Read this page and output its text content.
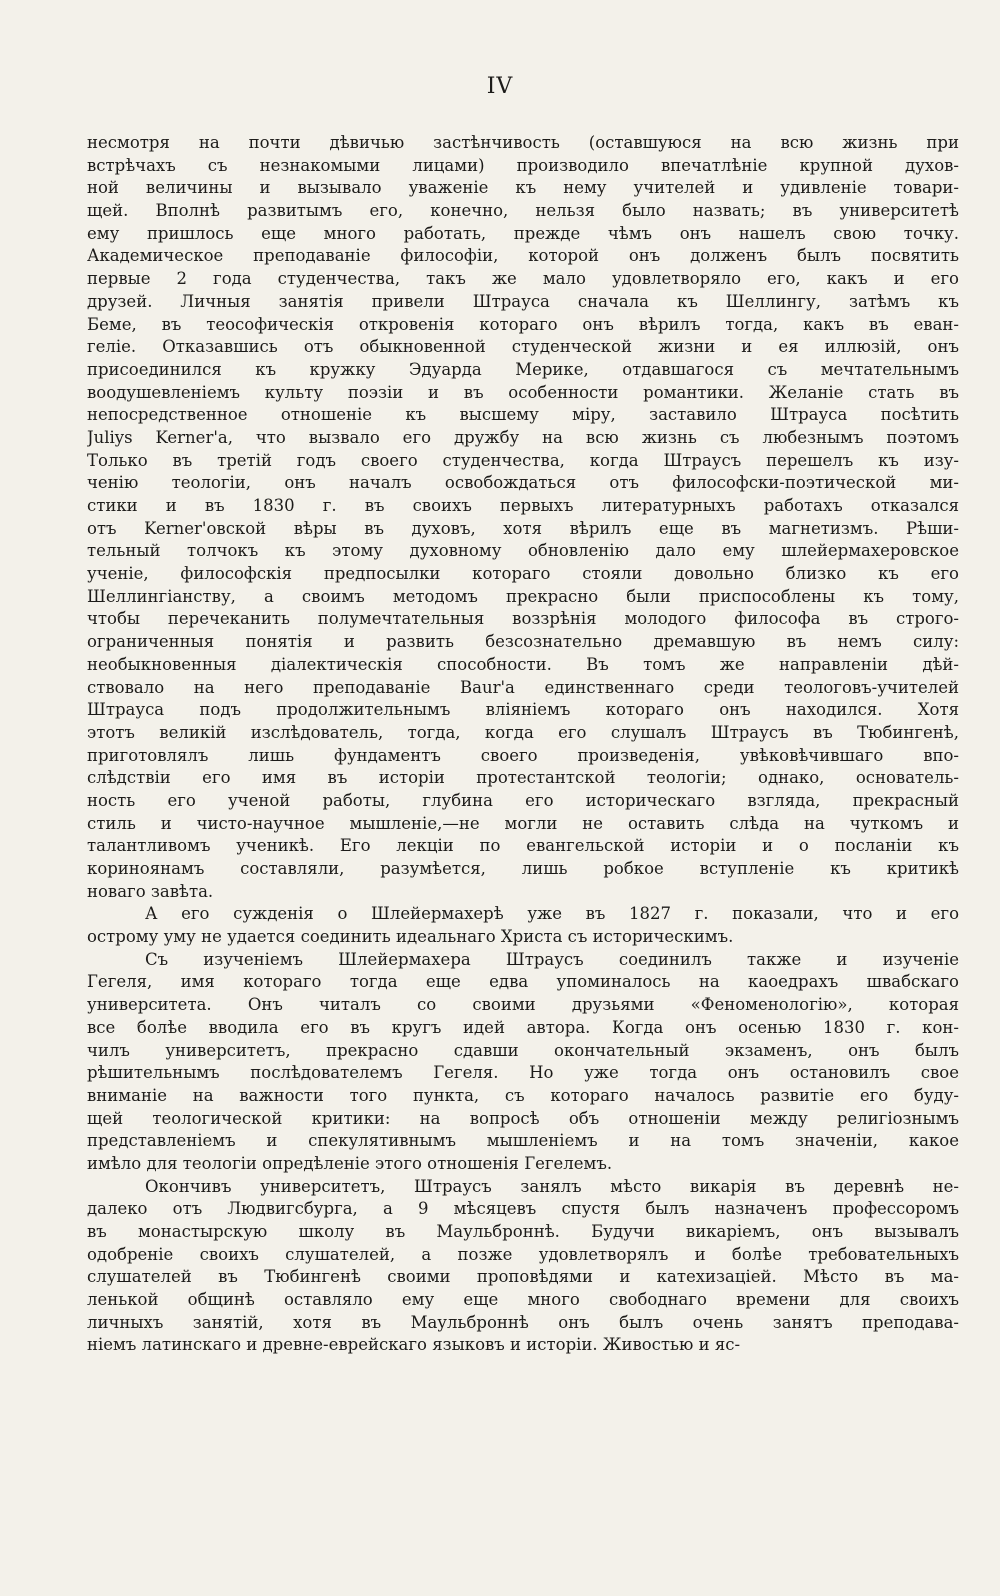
IV
несмотря на почти дѣвичью застѣнчивость (оставшуюся на всю жизнь при
встрѣчахъ съ незнакомыми лицами) производило впечатлѣніе крупной духов-
ной величины и вызывало уваженіе къ нему учителей и удивленіе товари-
щей. Вполнѣ развитымъ его, конечно, нельзя было назвать; въ университетѣ
ему пришлось еще много работать, прежде чѣмъ онъ нашелъ свою точку.
Академическое преподаваніе философіи, которой онъ долженъ былъ посвятить
первые 2 года студенчества, такъ же мало удовлетворяло его, какъ и его
друзей. Личныя занятія привели Штрауса сначала къ Шеллингу, затѣмъ къ
Беме, въ теософическія откровенія котораго онъ вѣрилъ тогда, какъ въ еван-
геліе. Отказавшись отъ обыкновенной студенческой жизни и ея иллюзій, онъ
присоединился къ кружку Эдуарда Мерике, отдавшагося съ мечтательнымъ
воодушевленіемъ культу поэзіи и въ особенности романтики. Желаніе стать въ
непосредственное отношеніе къ высшему міру, заставило Штрауса посѣтить
Juliys Kerner'а, что вызвало его дружбу на всю жизнь съ любезнымъ поэтомъ
Только въ третій годъ своего студенчества, когда Штраусъ перешелъ къ изу-
ченію теологіи, онъ началъ освобождаться отъ философски-поэтической ми-
стики и въ 1830 г. въ своихъ первыхъ литературныхъ работахъ отказался
отъ Kerner'овской вѣры въ духовъ, хотя вѣрилъ еще въ магнетизмъ. Рѣши-
тельный толчокъ къ этому духовному обновленію дало ему шлейермахеровское
ученіе, философскія предпосылки котораго стояли довольно близко къ его
Шеллингіанству, а своимъ методомъ прекрасно были приспособлены къ тому,
чтобы перечеканить полумечтательныя воззрѣнія молодого философа въ строго-
ограниченныя понятія и развить безсознательно дремавшую въ немъ силу:
необыкновенныя діалектическія способности. Въ томъ же направленіи дѣй-
ствовало на него преподаваніе Baur'а единственнаго среди теологовъ-учителей
Штрауса подъ продолжительнымъ вліяніемъ котораго онъ находился. Хотя
этотъ великій изслѣдователь, тогда, когда его слушалъ Штраусъ въ Тюбингенѣ,
приготовлялъ лишь фундаментъ своего произведенія, увѣковѣчившаго впо-
слѣдствіи его имя въ исторіи протестантской теологіи; однако, основатель-
ность его ученой работы, глубина его историческаго взгляда, прекрасный
стиль и чисто-научное мышленіе,—не могли не оставить слѣда на чуткомъ и
талантливомъ ученикѣ. Его лекціи по евангельской исторіи и о посланіи къ
кориноянамъ составляли, разумѣется, лишь робкое вступленіе къ критикѣ
новаго завѣта.
А его сужденія о Шлейермахерѣ уже въ 1827 г. показали, что и его
острому уму не удается соединить идеальнаго Христа съ историческимъ.
Съ изученіемъ Шлейермахера Штраусъ соединилъ также и изученіе
Гегеля, имя котораго тогда еще едва упоминалось на каоедрахъ швабскаго
университета. Онъ читалъ со своими друзьями «Феноменологію», которая
все болѣе вводила его въ кругъ идей автора. Когда онъ осенью 1830 г. кон-
чилъ университетъ, прекрасно сдавши окончательный экзаменъ, онъ былъ
рѣшительнымъ послѣдователемъ Гегеля. Но уже тогда онъ остановилъ свое
вниманіе на важности того пункта, съ котораго началось развитіе его буду-
щей теологической критики: на вопросѣ объ отношеніи между религіознымъ
представленіемъ и спекулятивнымъ мышленіемъ и на томъ значеніи, какое
имѣло для теологіи опредѣленіе этого отношенія Гегелемъ.
Окончивъ университетъ, Штраусъ занялъ мѣсто викарія въ деревнѣ не-
далеко отъ Людвигсбурга, а 9 мѣсяцевъ спустя былъ назначенъ профессоромъ
въ монастырскую школу въ Маульброннѣ. Будучи викаріемъ, онъ вызывалъ
одобреніе своихъ слушателей, а позже удовлетворялъ и болѣе требовательныхъ
слушателей въ Тюбингенѣ своими проповѣдями и катехизаціей. Мѣсто въ ма-
ленькой общинѣ оставляло ему еще много свободнаго времени для своихъ
личныхъ занятій, хотя въ Маульброннѣ онъ былъ очень занятъ преподава-
ніемъ латинскаго и древне-еврейскаго языковъ и исторіи. Живостью и яс-
